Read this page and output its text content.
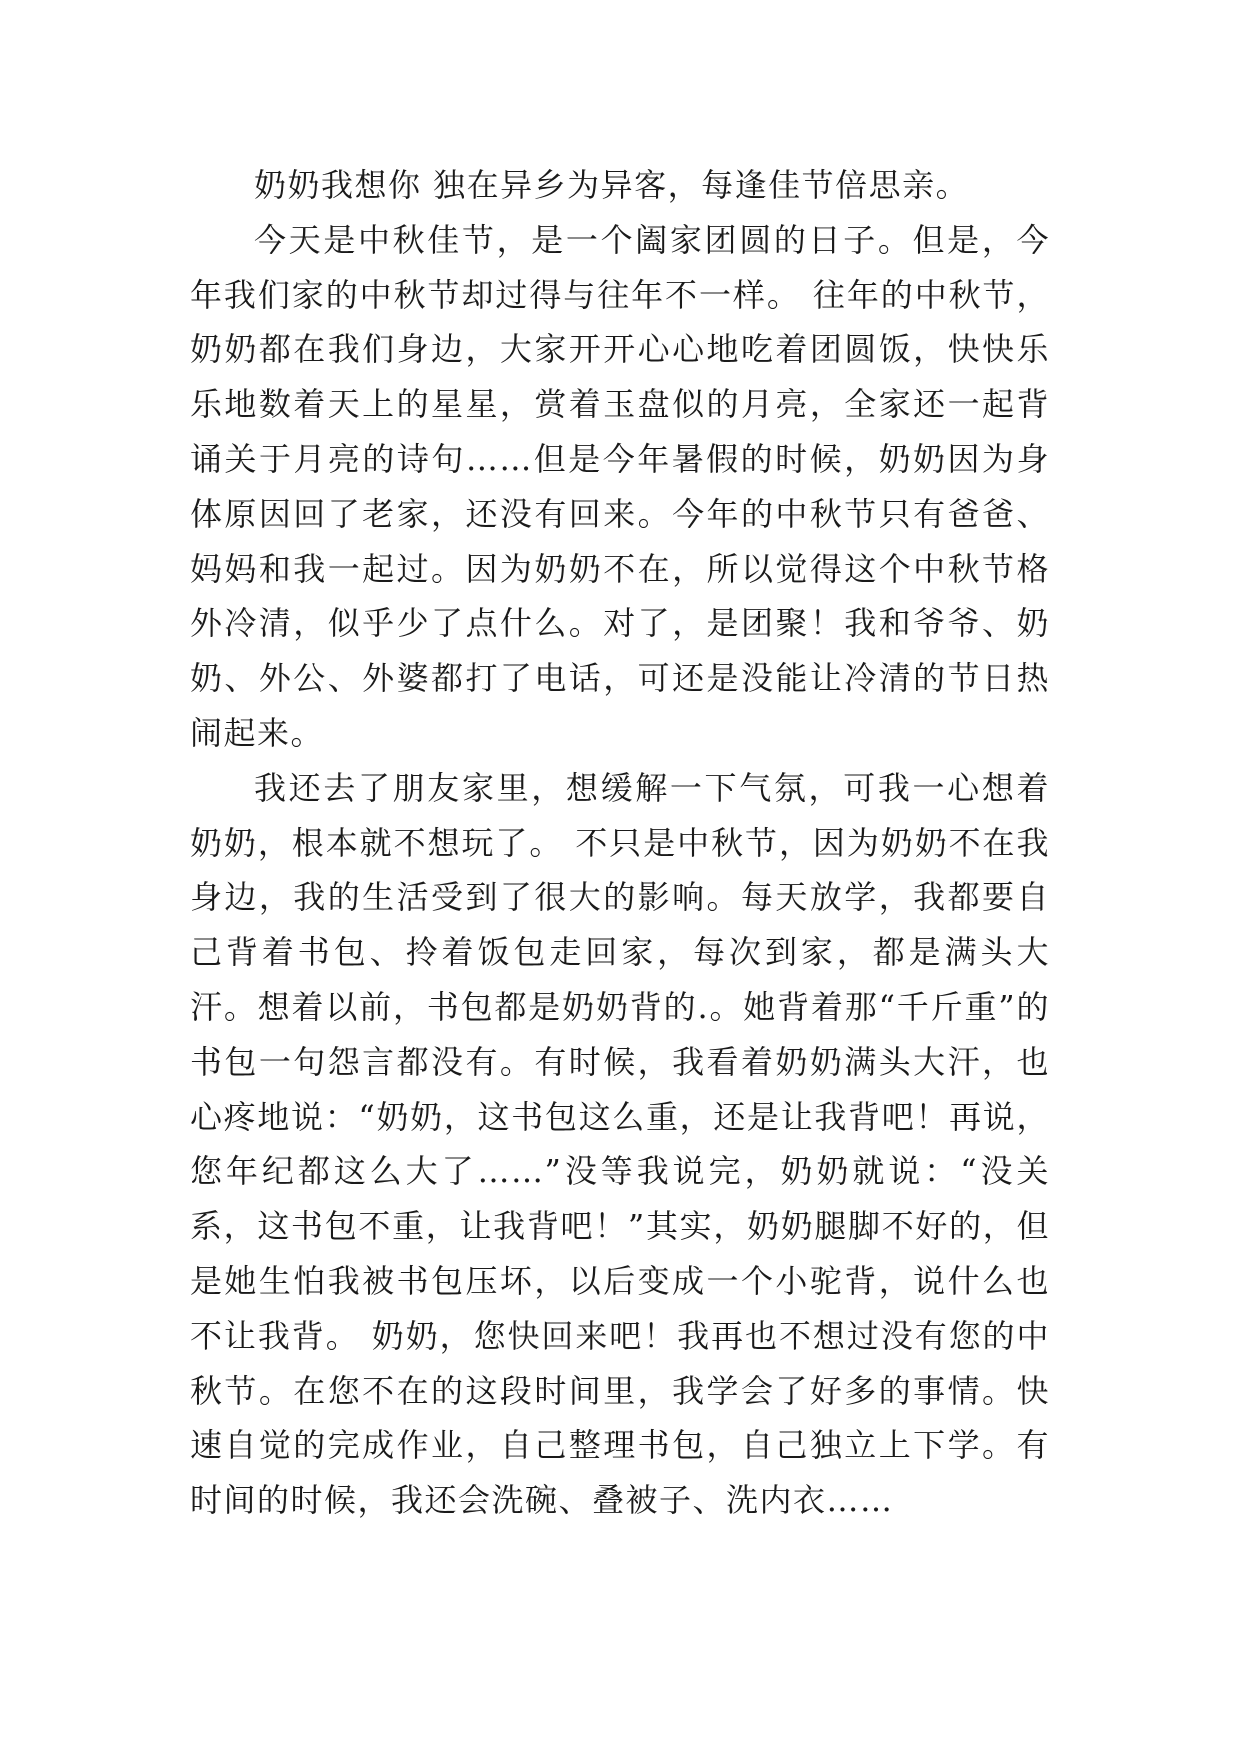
奶奶我想你 独在异乡为异客，每逢佳节倍思亲。

今天是中秋佳节，是一个阖家团圆的日子。但是，今年我们家的中秋节却过得与往年不一样。 往年的中秋节，奶奶都在我们身边，大家开开心心地吃着团圆饭，快快乐乐地数着天上的星星，赏着玉盘似的月亮，全家还一起背诵关于月亮的诗句……但是今年暑假的时候，奶奶因为身体原因回了老家，还没有回来。今年的中秋节只有爸爸、妈妈和我一起过。因为奶奶不在，所以觉得这个中秋节格外冷清，似乎少了点什么。对了，是团聚！我和爷爷、奶奶、外公、外婆都打了电话，可还是没能让冷清的节日热闹起来。

我还去了朋友家里，想缓解一下气氛，可我一心想着奶奶，根本就不想玩了。 不只是中秋节，因为奶奶不在我身边，我的生活受到了很大的影响。每天放学，我都要自己背着书包、拎着饭包走回家，每次到家，都是满头大汗。想着以前，书包都是奶奶背的.。她背着那“千斤重”的书包一句怨言都没有。有时候，我看着奶奶满头大汗，也心疼地说：“奶奶，这书包这么重，还是让我背吧！再说，您年纪都这么大了……”没等我说完，奶奶就说：“没关系，这书包不重，让我背吧！”其实，奶奶腿脚不好的，但是她生怕我被书包压坏，以后变成一个小驼背，说什么也不让我背。 奶奶，您快回来吧！我再也不想过没有您的中秋节。在您不在的这段时间里，我学会了好多的事情。快速自觉的完成作业，自己整理书包，自己独立上下学。有时间的时候，我还会洗碗、叠被子、洗内衣……
